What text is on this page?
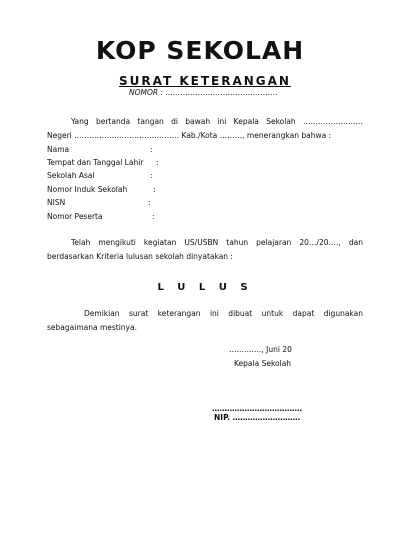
KOP SEKOLAH
SURAT KETERANGAN
NOMOR : ………………………………………
Yang bertanda tangan di bawah ini Kepala Sekolah ……………………
Negeri …………………………………… Kab./Kota ………, menerangkan bahwa :
Nama	:
Tempat dan Tanggal Lahir :
Sekolah Asal	:
Nomor Induk Sekolah	:
NISN	:
Nomor Peserta	:
Telah mengikuti kegiatan US/USBN tahun pelajaran 20…/20…., dan
berdasarkan Kriteria lulusan sekolah dinyatakan :
L U L U S
Demikian surat keterangan ini dibuat untuk dapat digunakan
sebagaimana mestinya.
…………., Juni 20
Kepala Sekolah
………………………………
NIP. ………………………
